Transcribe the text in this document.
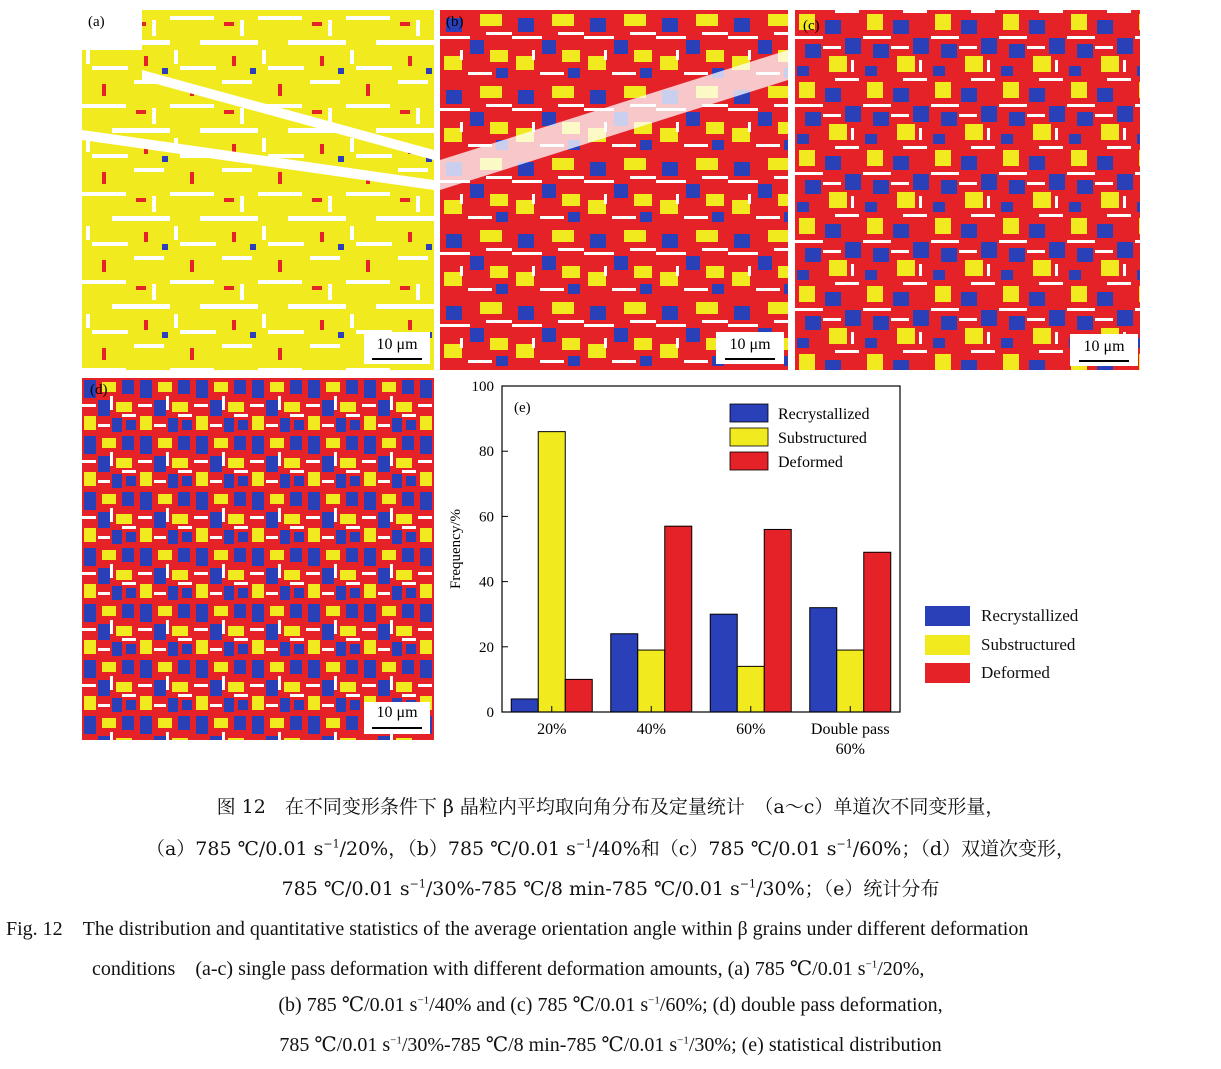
(a)
10 μm
(b)
10 μm
(c)
10 μm
(d)
10 μm	0
20
40
60
80
100
20%	40%	60%	Double pass 60%
Frequency/%
(e)	Recrystallized
Substructured
Deformed
Recrystallized
Substructured
Deformed
图 12　在不同变形条件下 β 晶粒内平均取向角分布及定量统计　（a～c）单道次不同变形量，
（a）785 ℃/0.01 $s^{-1}/20\%$，（b）785 ℃/0.01 $s^{-1}/40\%$和（c）785 ℃/0.01 $s^{-1}/60\%$；（d）双道次变形，
785 ℃/0.01 $s^{-1}/30\%-785$ ℃/8 min-785 ℃/0.01 $s^{-1}/30\%$；（e）统计分布
Fig. 12　The distribution and quantitative statistics of the average orientation angle within β grains under different deformation
conditions　(a-c) single pass deformation with different deformation amounts, (a) 785 ℃/0.01 $s^{-1}/20\%$,
(b) 785 ℃/0.01 $s^{-1}/40\%$ and (c) 785 ℃/0.01 $s^{-1}/60\%$; (d) double pass deformation,
785 ℃/0.01 $s^{-1}/30\%-785$ ℃/8 min-785 ℃/0.01 $s^{-1}/30\%$; (e) statistical distribution
